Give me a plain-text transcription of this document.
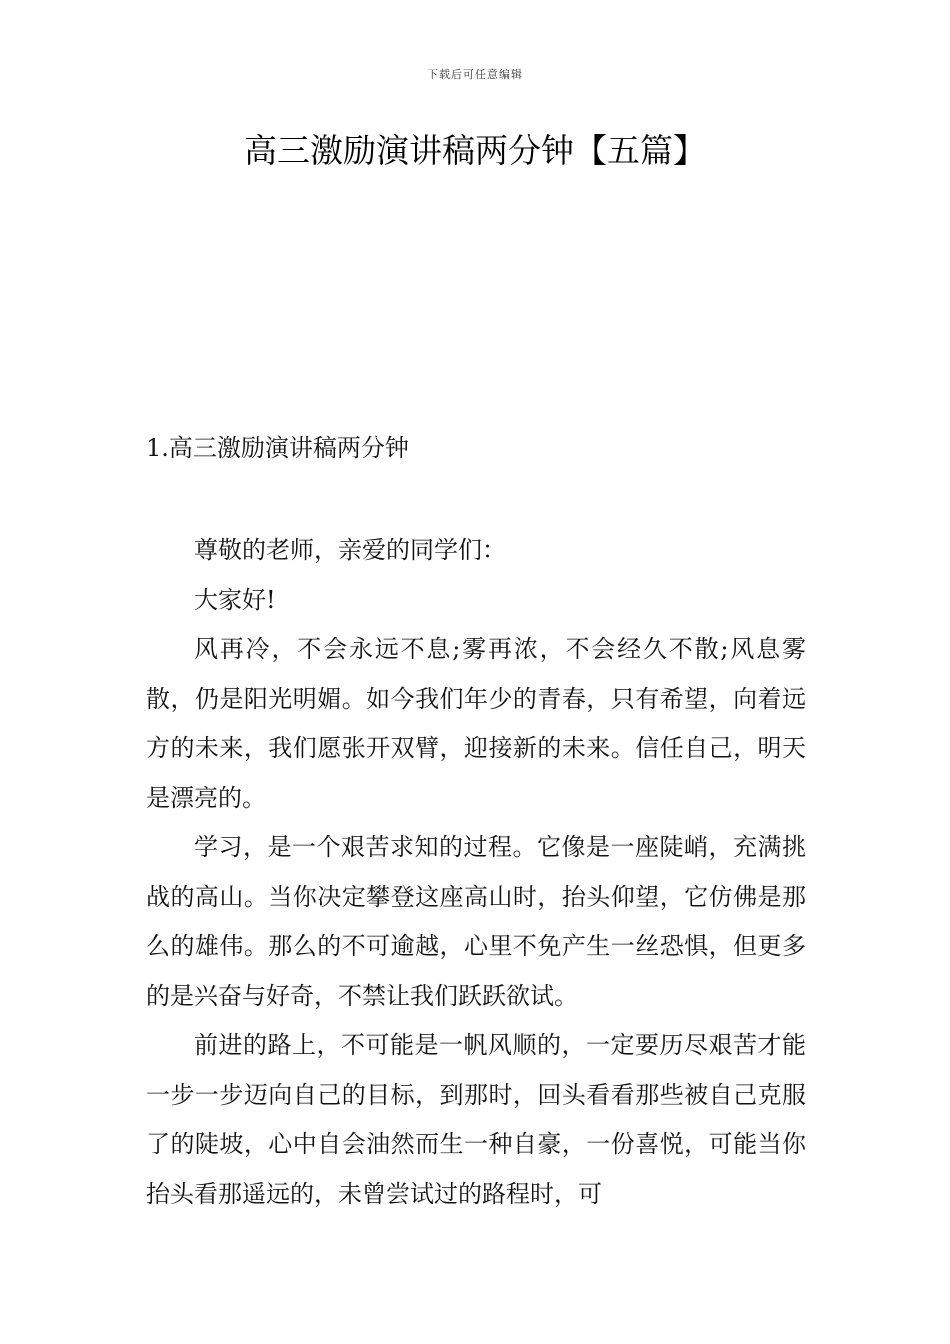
下载后可任意编辑
高三激励演讲稿两分钟【五篇】
1.高三激励演讲稿两分钟

尊敬的老师，亲爱的同学们：

大家好!

风再冷，不会永远不息;雾再浓，不会经久不散;风息雾散，仍是阳光明媚。如今我们年少的青春，只有希望，向着远方的未来，我们愿张开双臂，迎接新的未来。信任自己，明天是漂亮的。

学习，是一个艰苦求知的过程。它像是一座陡峭，充满挑战的高山。当你决定攀登这座高山时，抬头仰望，它仿佛是那么的雄伟。那么的不可逾越，心里不免产生一丝恐惧，但更多的是兴奋与好奇，不禁让我们跃跃欲试。

前进的路上，不可能是一帆风顺的，一定要历尽艰苦才能一步一步迈向自己的目标，到那时，回头看看那些被自己克服了的陡坡，心中自会油然而生一种自豪，一份喜悦，可能当你抬头看那遥远的，未曾尝试过的路程时，可
